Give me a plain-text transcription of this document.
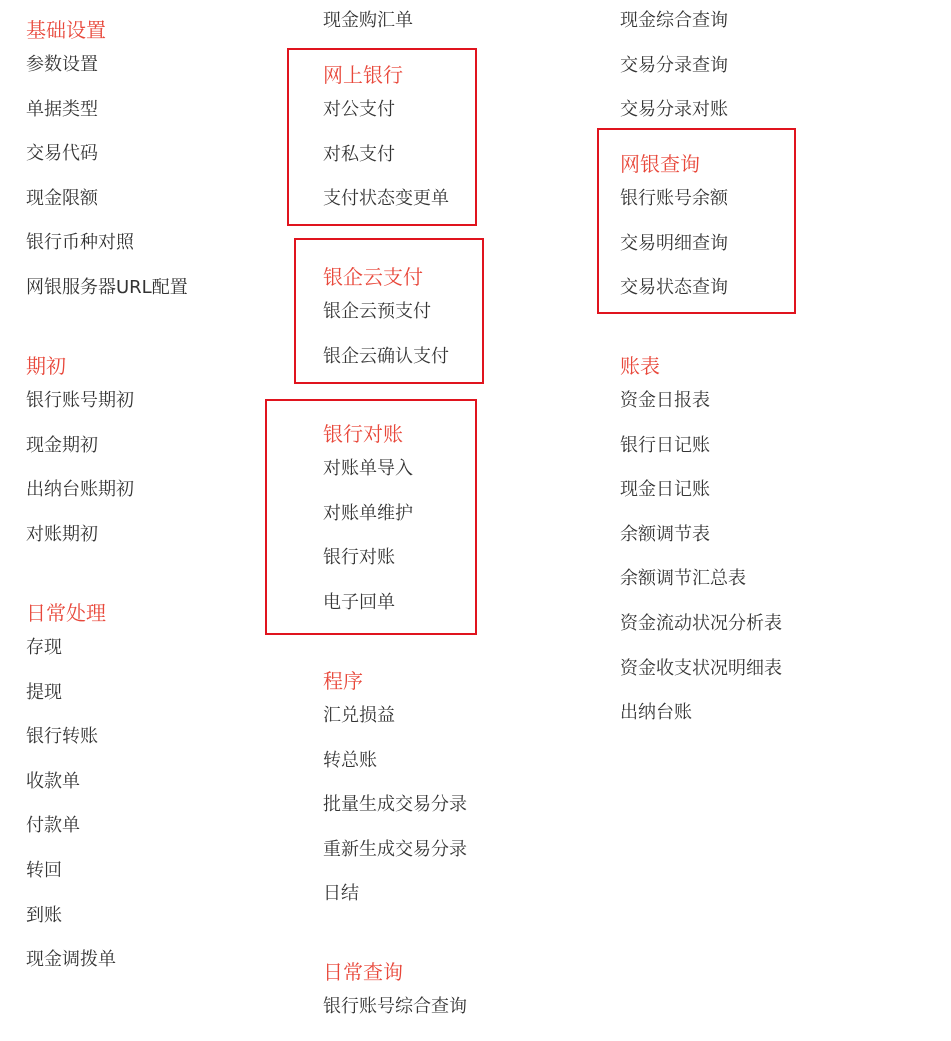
基础设置
参数设置
单据类型
交易代码
现金限额
银行币种对照
网银服务器URL配置
期初
银行账号期初
现金期初
出纳台账期初
对账期初
日常处理
存现
提现
银行转账
收款单
付款单
转回
到账
现金调拨单
现金购汇单
网上银行
对公支付
对私支付
支付状态变更单
银企云支付
银企云预支付
银企云确认支付
银行对账
对账单导入
对账单维护
银行对账
电子回单
程序
汇兑损益
转总账
批量生成交易分录
重新生成交易分录
日结
日常查询
银行账号综合查询
现金综合查询
交易分录查询
交易分录对账
网银查询
银行账号余额
交易明细查询
交易状态查询
账表
资金日报表
银行日记账
现金日记账
余额调节表
余额调节汇总表
资金流动状况分析表
资金收支状况明细表
出纳台账
